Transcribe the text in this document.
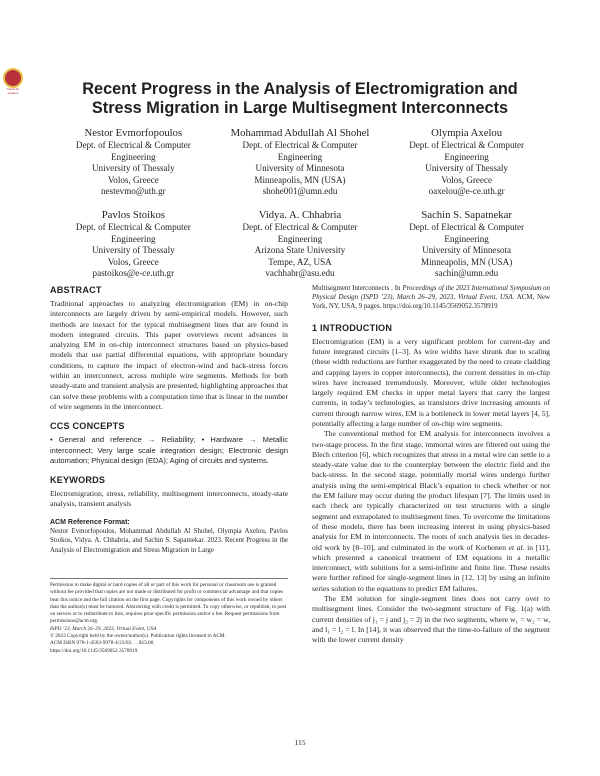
Check for
updates	Recent Progress in the Analysis of Electromigration and
Stress Migration in Large Multisegment Interconnects
Nestor Evmorfopoulos
Dept. of Electrical & Computer
Engineering
University of Thessaly
Volos, Greece
nestevmo@uth.gr
Mohammad Abdullah Al Shohel
Dept. of Electrical & Computer
Engineering
University of Minnesota
Minneapolis, MN (USA)
shohe001@umn.edu
Olympia Axelou
Dept. of Electrical & Computer
Engineering
University of Thessaly
Volos, Greece
oaxelou@e-ce.uth.gr
Pavlos Stoikos
Dept. of Electrical & Computer
Engineering
University of Thessaly
Volos, Greece
pastoikos@e-ce.uth.gr
Vidya. A. Chhabria
Dept. of Electrical & Computer
Engineering
Arizona State University
Tempe, AZ, USA
vachhabr@asu.edu
Sachin S. Sapatnekar
Dept. of Electrical & Computer
Engineering
University of Minnesota
Minneapolis, MN (USA)
sachin@umn.edu
ABSTRACT
Traditional approaches to analyzing electromigration (EM) in on-chip interconnects are largely driven by semi-empirical models. However, such methods are inexact for the typical multisegment lines that are found in modern integrated circuits. This paper overviews recent advances in analyzing EM in on-chip interconnect structures based on physics-based models that use partial differential equations, with appropriate boundary conditions, to capture the impact of electron-wind and back-stress forces within an interconnect, across multiple wire segments. Methods for both steady-state and transient analysis are presented, highlighting approaches that can solve these problems with a computation time that is linear in the number of wire segments in the interconnect.
CCS CONCEPTS
• General and reference → Reliability; • Hardware → Metallic interconnect; Very large scale integration design; Electronic design automation; Physical design (EDA); Aging of circuits and systems.
KEYWORDS
Electromigration, stress, reliability, multisegment interconnects, steady-state analysis, transient analysis
ACM Reference Format:
Nestor Evmorfopoulos, Mohammad Abdullah Al Shohel, Olympia Axelou, Pavlos Stoikos, Vidya. A. Chhabria, and Sachin S. Sapatnekar. 2023. Recent Progress in the Analysis of Electromigration and Stress Migration in Large

Permission to make digital or hard copies of all or part of this work for personal or classroom use is granted without fee provided that copies are not made or distributed for profit or commercial advantage and that copies bear this notice and the full citation on the first page. Copyrights for components of this work owned by others than the author(s) must be honored. Abstracting with credit is permitted. To copy otherwise, or republish, to post on servers or to redistribute to lists, requires prior specific permission and/or a fee. Request permissions from permissions@acm.org.

ISPD ’23, March 26–29, 2023, Virtual Event, USA

© 2023 Copyright held by the owner/author(s). Publication rights licensed to ACM.

ACM ISBN 978-1-4503-9978-4/23/03. . . $15.00

https://doi.org/10.1145/3569052.3578919

Multisegment Interconnects . In Proceedings of the 2023 International Symposium on Physical Design (ISPD ’23), March 26–29, 2023, Virtual Event, USA. ACM, New York, NY, USA, 9 pages. https://doi.org/10.1145/3569052.3578919
1 INTRODUCTION

Electromigration (EM) is a very significant problem for current-day and future integrated circuits [1–3]. As wire widths have shrunk due to scaling (these width reductions are further exaggerated by the need to create cladding and capping layers in copper interconnects), the current densities in on-chip wires have increased tremendously. Moreover, while older technologies largely required EM checks in upper metal layers that carry the largest currents, in today’s technologies, as transistors drive increasing amounts of current through narrow wires, EM is a bottleneck in lower metal layers [4, 5], potentially affecting a large number of on-chip wire segments.

The conventional method for EM analysis for interconnects involves a two-stage process. In the first stage, immortal wires are filtered out using the Blech criterion [6], which recognizes that stress in a metal wire can settle to a steady-state value due to the counterplay between the electric field and the back-stress. In the second stage, potentially mortal wires undergo further analysis using the semi-empirical Black’s equation to check whether or not the EM failure may occur during the product lifespan [7]. The limits used in each check are typically characterized on test structures with a single segment and extrapolated to multisegment lines. To overcome the limitations of these models, there has been increasing interest in using physics-based analysis for EM in interconnects. The roots of such analysis lies in decades-old work by [8–10], and culminated in the work of Korhonen et al. in [11], which presented a canonical treatment of EM equations in a metallic interconnect, with solutions for a semi-infinite and finite line. These results were further refined for single-segment lines in [12, 13] by using an infinite series solution to the equations to predict EM failures.

The EM solution for single-segment lines does not carry over to multisegment lines. Consider the two-segment structure of Fig. 1(a) with current densities of j₁ = j and j₂ = 2j in the two segments, where w₁ = w₂ = w, and l₁ = l₂ = l. In [14], it was observed that the time-to-failure of the segment with the lower current density

115
